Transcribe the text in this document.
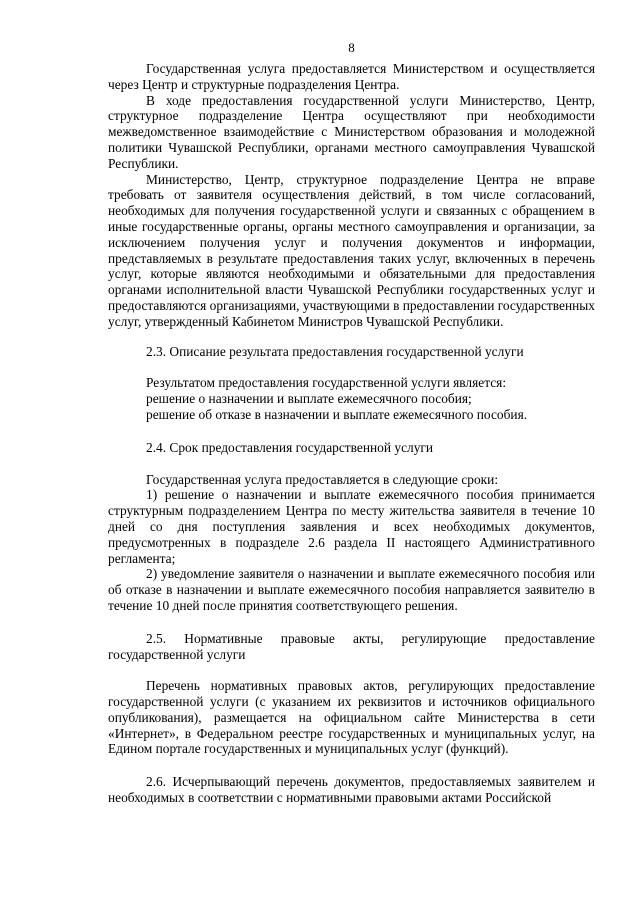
8

Государственная услуга предоставляется Министерством и осуществляется через Центр и структурные подразделения Центра.

В ходе предоставления государственной услуги Министерство, Центр, структурное подразделение Центра осуществляют при необходимости межведомственное взаимодействие с Министерством образования и молодежной политики Чувашской Республики, органами местного самоуправления Чувашской Республики.

Министерство, Центр, структурное подразделение Центра не вправе требовать от заявителя осуществления действий, в том числе согласований, необходимых для получения государственной услуги и связанных с обращением в иные государственные органы, органы местного самоуправления и организации, за исключением получения услуг и получения документов и информации, представляемых в результате предоставления таких услуг, включенных в перечень услуг, которые являются необходимыми и обязательными для предоставления органами исполнительной власти Чувашской Республики государственных услуг и предоставляются организациями, участвующими в предоставлении государственных услуг, утвержденный Кабинетом Министров Чувашской Республики.

2.3. Описание результата предоставления государственной услуги

Результатом предоставления государственной услуги является:

решение о назначении и выплате ежемесячного пособия;

решение об отказе в назначении и выплате ежемесячного пособия.

2.4. Срок предоставления государственной услуги

Государственная услуга предоставляется в следующие сроки:

1) решение о назначении и выплате ежемесячного пособия принимается структурным подразделением Центра по месту жительства заявителя в течение 10 дней со дня поступления заявления и всех необходимых документов, предусмотренных в подразделе 2.6 раздела II настоящего Административного регламента;

2) уведомление заявителя о назначении и выплате ежемесячного пособия или об отказе в назначении и выплате ежемесячного пособия направляется заявителю в течение 10 дней после принятия соответствующего решения.

2.5. Нормативные правовые акты, регулирующие предоставление государственной услуги

Перечень нормативных правовых актов, регулирующих предоставление государственной услуги (с указанием их реквизитов и источников официального опубликования), размещается на официальном сайте Министерства в сети «Интернет», в Федеральном реестре государственных и муниципальных услуг, на Едином портале государственных и муниципальных услуг (функций).

2.6. Исчерпывающий перечень документов, предоставляемых заявителем и необходимых в соответствии с нормативными правовыми актами Российской
